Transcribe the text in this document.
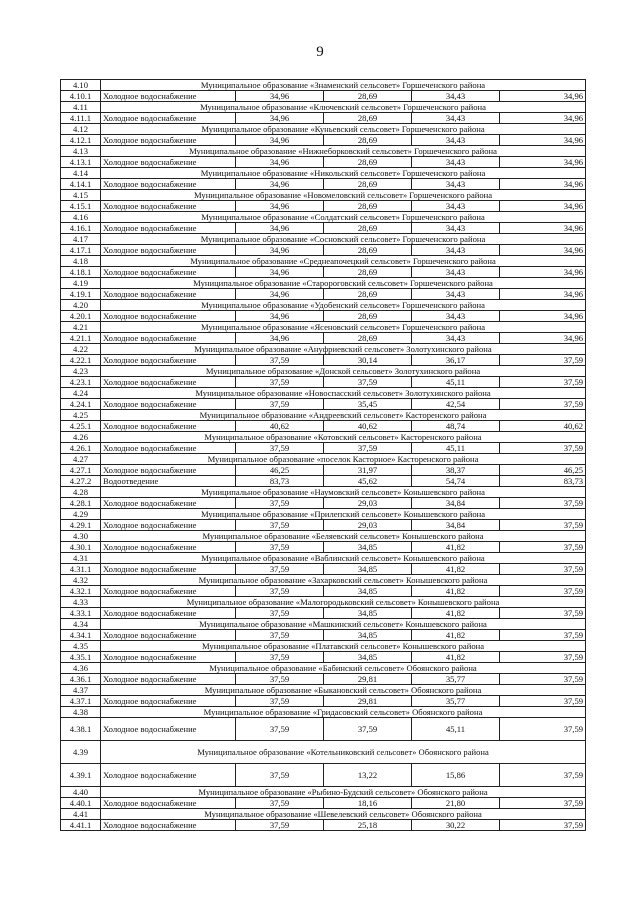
9
4.10	Муниципальное образование «Знаменский сельсовет» Горшеченского района				
4.10.1	Холодное водоснабжение	34,96	28,69	34,43	34,96
4.11	Муниципальное образование «Ключевский сельсовет» Горшеченского района				
4.11.1	Холодное водоснабжение	34,96	28,69	34,43	34,96
4.12	Муниципальное образование «Куньевский сельсовет» Горшеченского района				
4.12.1	Холодное водоснабжение	34,96	28,69	34,43	34,96
4.13	Муниципальное образование «Нижнеборковский сельсовет» Горшеченского района				
4.13.1	Холодное водоснабжение	34,96	28,69	34,43	34,96
4.14	Муниципальное образование «Никольский сельсовет» Горшеченского района				
4.14.1	Холодное водоснабжение	34,96	28,69	34,43	34,96
4.15	Муниципальное образование «Новомеловский сельсовет» Горшеченского района				
4.15.1	Холодное водоснабжение	34,96	28,69	34,43	34,96
4.16	Муниципальное образование «Солдатский сельсовет» Горшеченского района				
4.16.1	Холодное водоснабжение	34,96	28,69	34,43	34,96
4.17	Муниципальное образование «Сосновский сельсовет» Горшеченского района				
4.17.1	Холодное водоснабжение	34,96	28,69	34,43	34,96
4.18	Муниципальное образование «Среднеапочецкий сельсовет» Горшеченского района				
4.18.1	Холодное водоснабжение	34,96	28,69	34,43	34,96
4.19	Муниципальное образование «Старороговский сельсовет» Горшеченского района				
4.19.1	Холодное водоснабжение	34,96	28,69	34,43	34,96
4.20	Муниципальное образование «Удобенский сельсовет» Горшеченского района				
4.20.1	Холодное водоснабжение	34,96	28,69	34,43	34,96
4.21	Муниципальное образование «Ясеновский сельсовет» Горшеченского района				
4.21.1	Холодное водоснабжение	34,96	28,69	34,43	34,96
4.22	Муниципальное образование «Ануфриевский сельсовет» Золотухинского района				
4.22.1	Холодное водоснабжение	37,59	30,14	36,17	37,59
4.23	Муниципальное образование «Донской сельсовет» Золотухинского района				
4.23.1	Холодное водоснабжение	37,59	37,59	45,11	37,59
4.24	Муниципальное образование «Новоспасский сельсовет» Золотухинского района				
4.24.1	Холодное водоснабжение	37,59	35,45	42,54	37,59
4.25	Муниципальное образование «Андреевский сельсовет» Касторенского района				
4.25.1	Холодное водоснабжение	40,62	40,62	48,74	40,62
4.26	Муниципальное образование «Котовский сельсовет» Касторенского района				
4.26.1	Холодное водоснабжение	37,59	37,59	45,11	37,59
4.27	Муниципальное образование «поселок Касторное» Касторенского района				
4.27.1	Холодное водоснабжение	46,25	31,97	38,37	46,25
4.27.2	Водоотведение	83,73	45,62	54,74	83,73
4.28	Муниципальное образование «Наумовский сельсовет» Конышевского района				
4.28.1	Холодное водоснабжение	37,59	29,03	34,84	37,59
4.29	Муниципальное образование «Прилепский сельсовет» Конышевского района				
4.29.1	Холодное водоснабжение	37,59	29,03	34,84	37,59
4.30	Муниципальное образование «Беляевский сельсовет» Конышевского района				
4.30.1	Холодное водоснабжение	37,59	34,85	41,82	37,59
4.31	Муниципальное образование «Ваблинский сельсовет» Конышевского района				
4.31.1	Холодное водоснабжение	37,59	34,85	41,82	37,59
4.32	Муниципальное образование «Захарковский сельсовет» Конышевского района				
4.32.1	Холодное водоснабжение	37,59	34,85	41,82	37,59
4.33	Муниципальное образование «Малогородьковский сельсовет» Конышевского района				
4.33.1	Холодное водоснабжение	37,59	34,85	41,82	37,59
4.34	Муниципальное образование «Машкинский сельсовет» Конышевского района				
4.34.1	Холодное водоснабжение	37,59	34,85	41,82	37,59
4.35	Муниципальное образование «Платавский сельсовет» Конышевского района				
4.35.1	Холодное водоснабжение	37,59	34,85	41,82	37,59
4.36	Муниципальное образование «Бабинский сельсовет» Обоянского района				
4.36.1	Холодное водоснабжение	37,59	29,81	35,77	37,59
4.37	Муниципальное образование «Быкановский сельсовет» Обоянского района				
4.37.1	Холодное водоснабжение	37,59	29,81	35,77	37,59
4.38	Муниципальное образование «Гридасовский сельсовет» Обоянского района				
4.38.1	Холодное водоснабжение	37,59	37,59	45,11	37,59
4.39	Муниципальное образование «Котельниковский сельсовет» Обоянского района				
4.39.1	Холодное водоснабжение	37,59	13,22	15,86	37,59
4.40	Муниципальное образование «Рыбино-Будский сельсовет» Обоянского района				
4.40.1	Холодное водоснабжение	37,59	18,16	21,80	37,59
4.41	Муниципальное образование «Шевелевский сельсовет» Обоянского района				
4.41.1	Холодное водоснабжение	37,59	25,18	30,22	37,59
